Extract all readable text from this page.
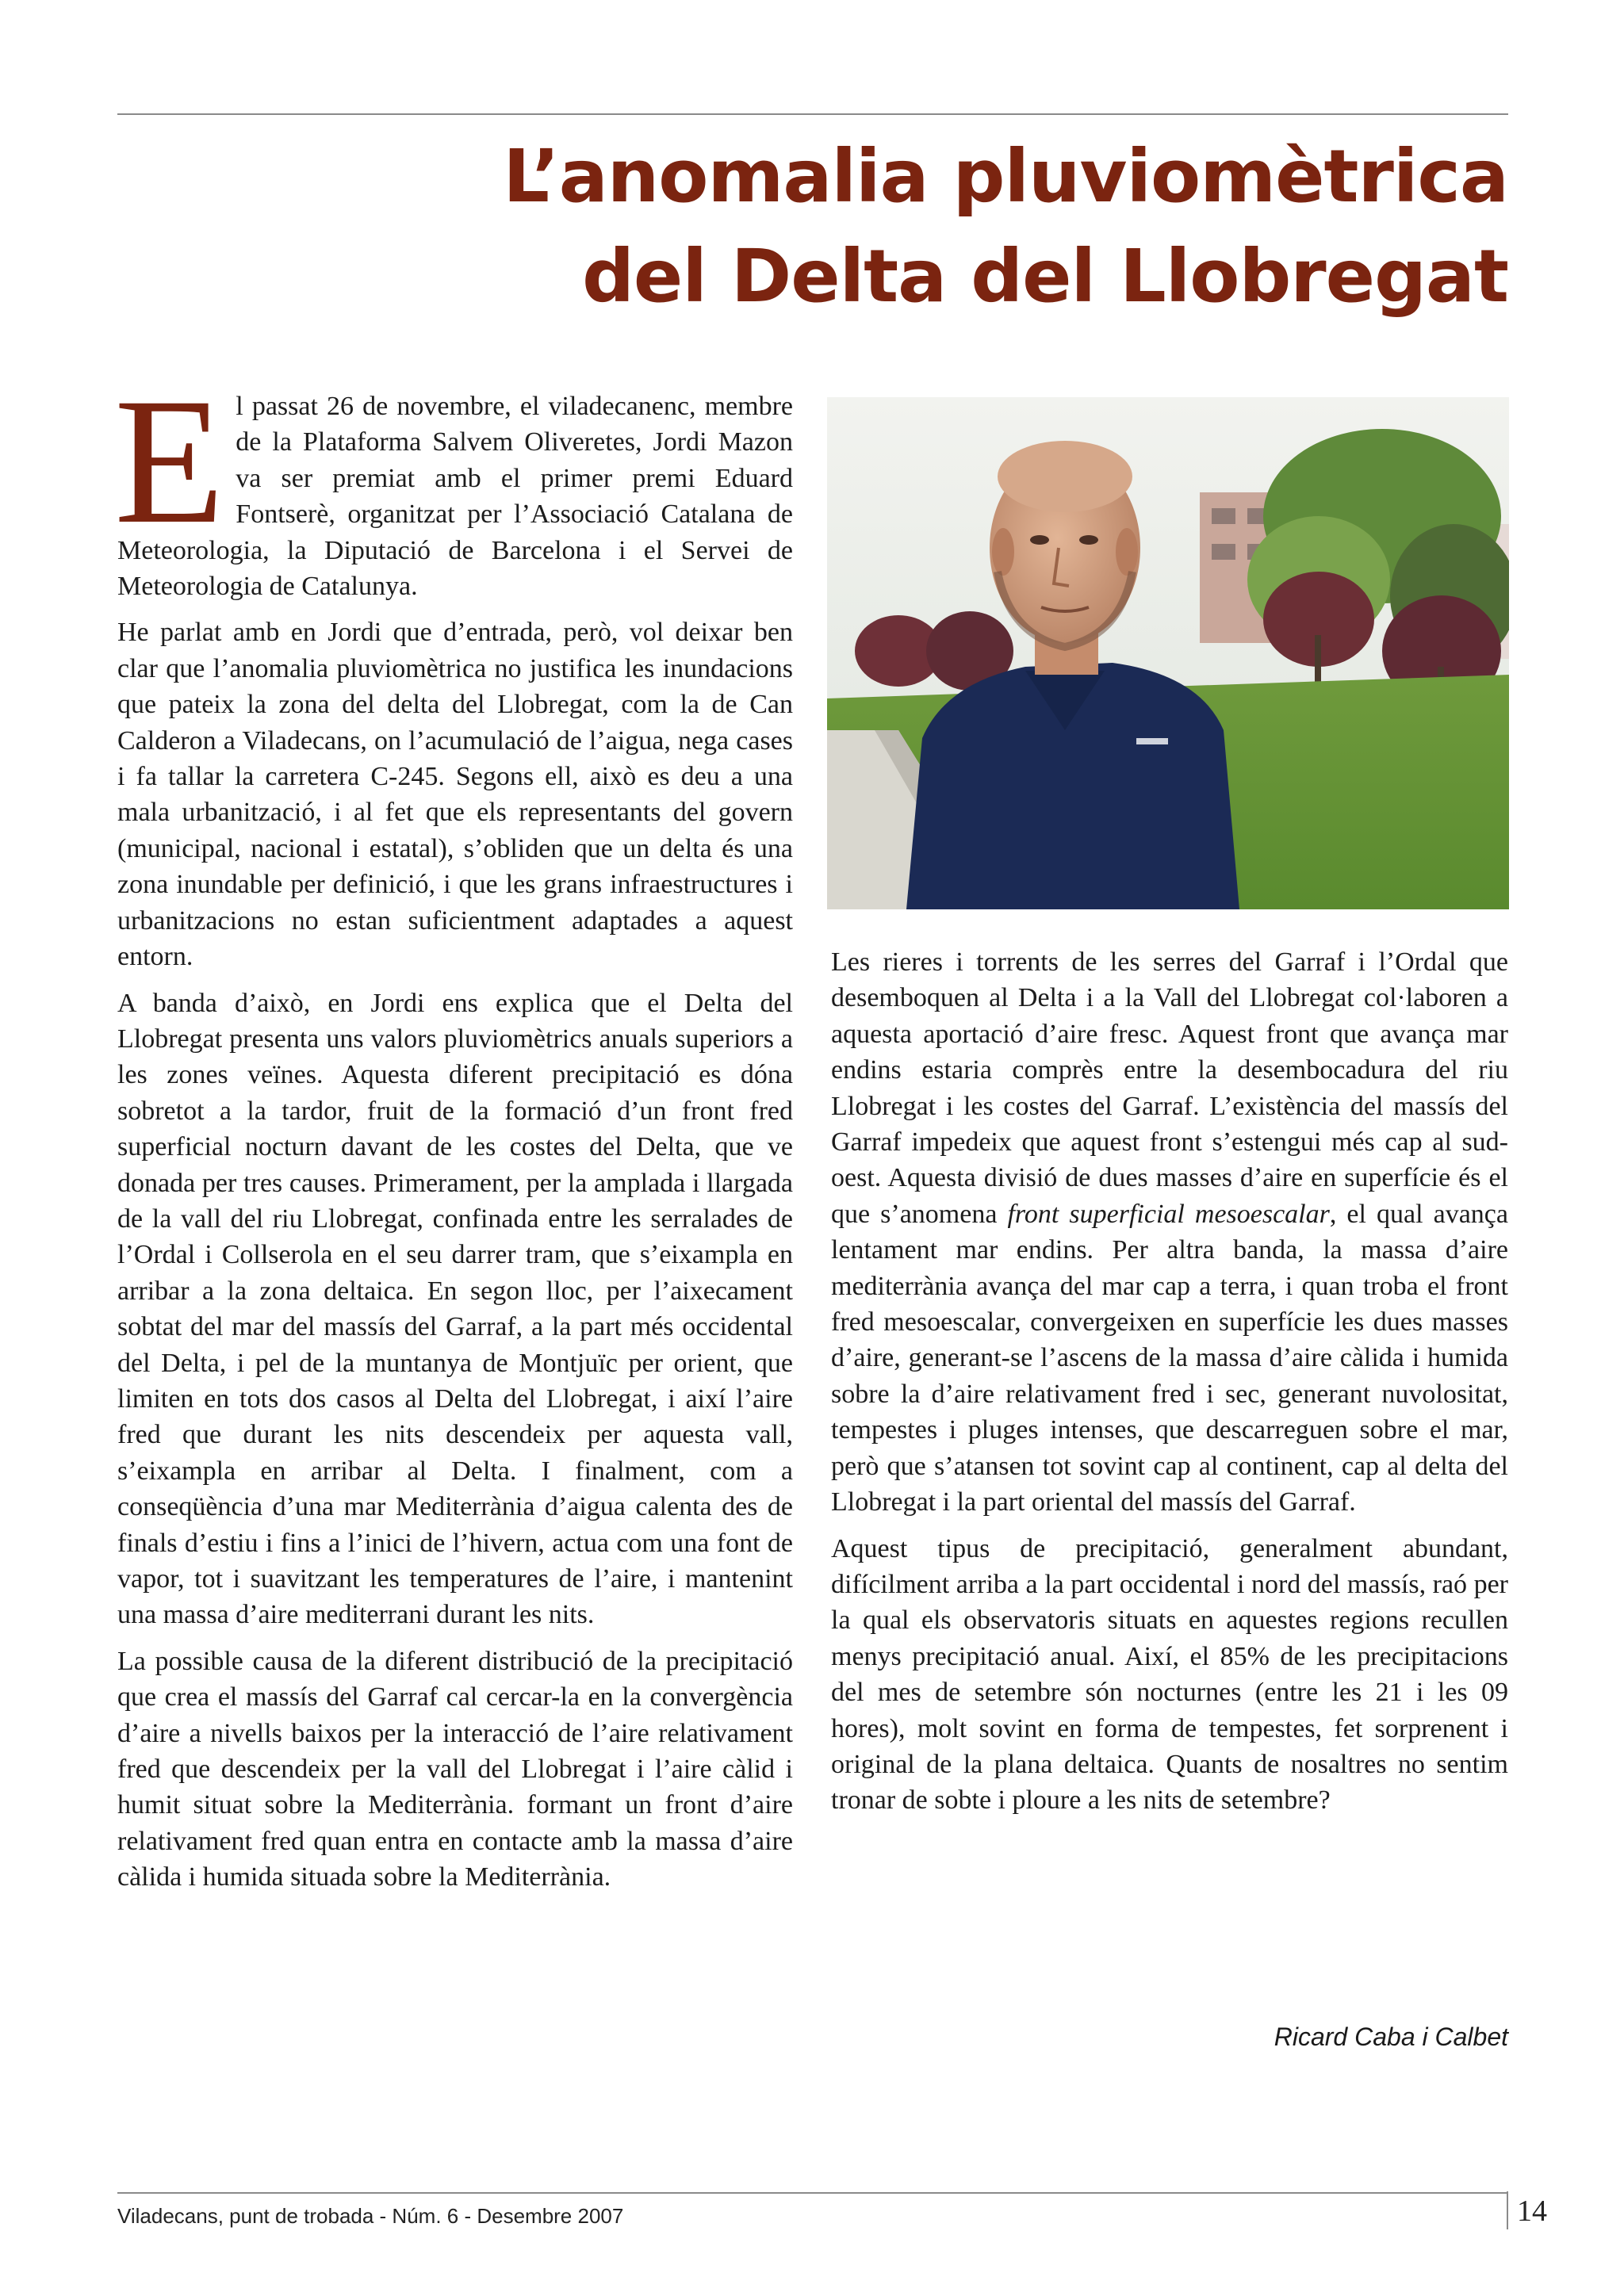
L’anomalia pluviomètrica
del Delta del Llobregat

El passat 26 de novembre, el viladecanenc, membre de la Plataforma Salvem Oliveretes, Jordi Mazon va ser premiat amb el primer premi Eduard Fontserè, organitzat per l’Associació Catalana de Meteorologia, la Diputació de Barcelona i el Servei de Meteorologia de Catalunya.

He parlat amb en Jordi que d’entrada, però, vol deixar ben clar que l’anomalia pluviomètrica no justifica les inundacions que pateix la zona del delta del Llobregat, com la de Can Calderon a Viladecans, on l’acumulació de l’aigua, nega cases i fa tallar la carretera C-245. Segons ell, això es deu a una mala urbanització, i al fet que els representants del govern (municipal, nacional i estatal), s’obliden que un delta és una zona inundable per definició, i que les grans infraestructures i urbanitzacions no estan suficientment adaptades a aquest entorn.

A banda d’això, en Jordi ens explica que el Delta del Llobregat presenta uns valors pluviomètrics anuals superiors a les zones veïnes. Aquesta diferent precipitació es dóna sobretot a la tardor, fruit de la formació d’un front fred superficial nocturn davant de les costes del Delta, que ve donada per tres causes. Primerament, per la amplada i llargada de la vall del riu Llobregat, confinada entre les serralades de l’Ordal i Collserola en el seu darrer tram, que s’eixampla en arribar a la zona deltaica. En segon lloc, per l’aixecament sobtat del mar del massís del Garraf, a la part més occidental del Delta, i pel de la muntanya de Montjuïc per orient, que limiten en tots dos casos al Delta del Llobregat, i així l’aire fred que durant les nits descendeix per aquesta vall, s’eixampla en arribar al Delta. I finalment, com a conseqüència d’una mar Mediterrània d’aigua calenta des de finals d’estiu i fins a l’inici de l’hivern, actua com una font de vapor, tot i suavitzant les temperatures de l’aire, i mantenint una massa d’aire mediterrani durant les nits.

La possible causa de la diferent distribució de la precipitació que crea el massís del Garraf cal cercar-la en la convergència d’aire a nivells baixos per la interacció de l’aire relativament fred que descendeix per la vall del Llobregat i l’aire càlid i humit situat sobre la Mediterrània. formant un front d’aire relativament fred quan entra en contacte amb la massa d’aire càlida i humida situada sobre la Mediterrània.

Les rieres i torrents de les serres del Garraf i l’Ordal que desemboquen al Delta i a la Vall del Llobregat col·laboren a aquesta aportació d’aire fresc. Aquest front que avança mar endins estaria comprès entre la desembocadura del riu Llobregat i les costes del Garraf. L’existència del massís del Garraf impedeix que aquest front s’estengui més cap al sud-oest. Aquesta divisió de dues masses d’aire en superfície és el que s’anomena front superficial mesoescalar, el qual avança lentament mar endins. Per altra banda, la massa d’aire mediterrània avança del mar cap a terra, i quan troba el front fred mesoescalar, convergeixen en superfície les dues masses d’aire, generant-se l’ascens de la massa d’aire càlida i humida sobre la d’aire relativament fred i sec, generant nuvolositat, tempestes i pluges intenses, que descarreguen sobre el mar, però que s’atansen tot sovint cap al continent, cap al delta del Llobregat i la part oriental del massís del Garraf.

Aquest tipus de precipitació, generalment abundant, difícilment arriba a la part occidental i nord del massís, raó per la qual els observatoris situats en aquestes regions recullen menys precipitació anual. Així, el 85% de les precipitacions del mes de setembre són nocturnes (entre les 21 i les 09 hores), molt sovint en forma de tempestes, fet sorprenent i original de la plana deltaica. Quants de nosaltres no sentim tronar de sobte i ploure a les nits de setembre?

Ricard Caba i Calbet
Viladecans, punt de trobada - Núm. 6 - Desembre 2007	14
